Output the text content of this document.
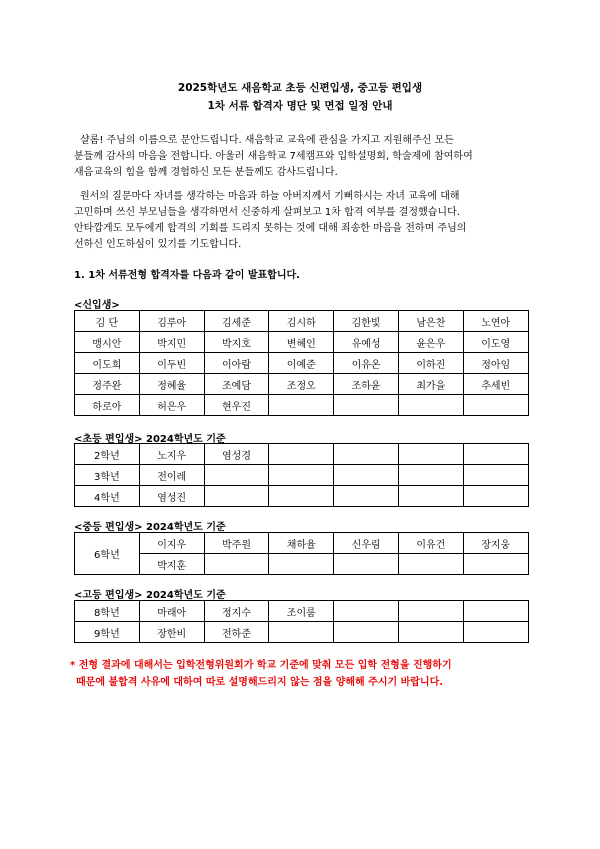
2025학년도 새음학교 초등 신편입생, 중고등 편입생
1차 서류 합격자 명단 및 면접 일정 안내
샬롬! 주님의 이름으로 문안드립니다. 새음학교 교육에 관심을 가지고 지원해주신 모든
분들께 감사의 마음을 전합니다. 아울러 새음학교 7세캠프와 입학설명회, 학술제에 참여하여
새음교육의 힘을 함께 경험하신 모든 분들께도 감사드립니다.
원서의 질문마다 자녀를 생각하는 마음과 하늘 아버지께서 기뻐하시는 자녀 교육에 대해
고민하며 쓰신 부모님들을 생각하면서 신중하게 살펴보고 1차 합격 여부를 결정했습니다.
안타깝게도 모두에게 합격의 기회를 드리지 못하는 것에 대해 죄송한 마음을 전하며 주님의
선하신 인도하심이 있기를 기도합니다.
1. 1차 서류전형 합격자를 다음과 같이 발표합니다.
<신입생>
김 단	김루아	김세준	김시하	김한빛	남은찬	노연아
맹시안	박지민	박지호	변혜인	유예성	윤은우	이도영
이도희	이두빈	이아람	이예준	이유온	이하진	정아임
정주완	정혜율	조예담	조정오	조하윤	최가을	추세빈
하로아	허은우	현우진				
<초등 편입생> 2024학년도 기준
2학년	노지우	염성경				
3학년	전이레					
4학년	염성진					
<중등 편입생> 2024학년도 기준
6학년	이지우	박주원	채하율	신우림	이유건	장지웅
	박지훈					
<고등 편입생> 2024학년도 기준
8학년	마래아	정지수	조이룸			
9학년	장한비	전하준				
* 전형 결과에 대해서는 입학전형위원회가 학교 기준에 맞춰 모든 입학 전형을 진행하기
때문에 불합격 사유에 대하여 따로 설명해드리지 않는 점을 양해해 주시기 바랍니다.
